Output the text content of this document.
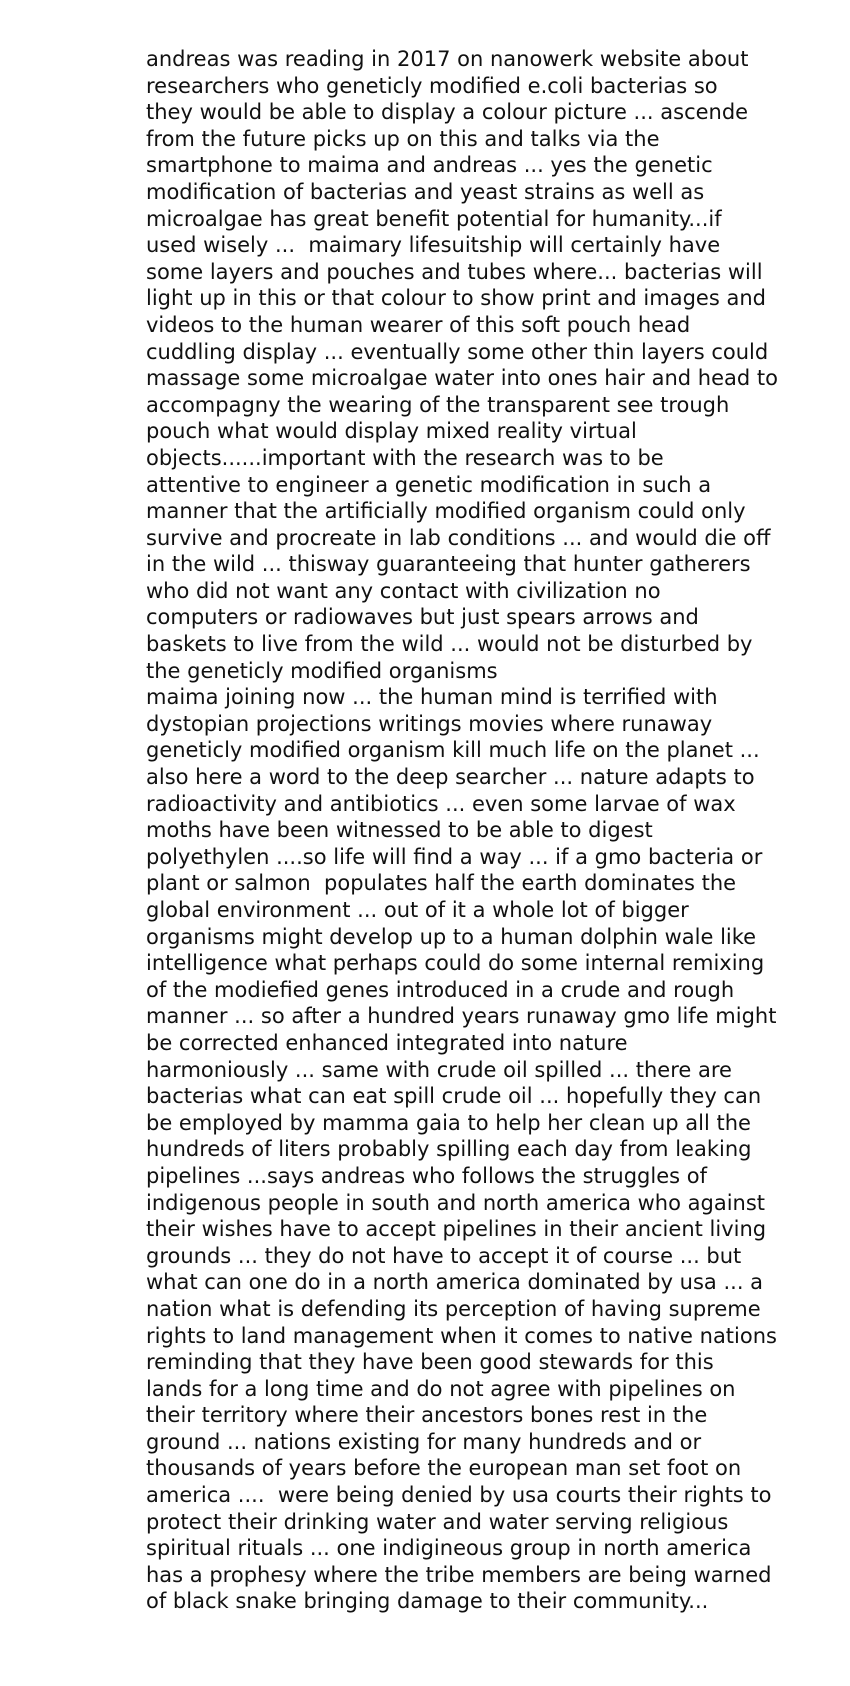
andreas was reading in 2017 on nanowerk website about
researchers who geneticly modified e.coli bacterias so
they would be able to display a colour picture ... ascende
from the future picks up on this and talks via the
smartphone to maima and andreas ... yes the genetic
modification of bacterias and yeast strains as well as
microalgae has great benefit potential for humanity...if
used wisely ...  maimary lifesuitship will certainly have
some layers and pouches and tubes where... bacterias will
light up in this or that colour to show print and images and
videos to the human wearer of this soft pouch head
cuddling display ... eventually some other thin layers could
massage some microalgae water into ones hair and head to
accompagny the wearing of the transparent see trough
pouch what would display mixed reality virtual
objects......important with the research was to be
attentive to engineer a genetic modification in such a
manner that the artificially modified organism could only
survive and procreate in lab conditions ... and would die off
in the wild ... thisway guaranteeing that hunter gatherers
who did not want any contact with civilization no
computers or radiowaves but just spears arrows and
baskets to live from the wild ... would not be disturbed by
the geneticly modified organisms
maima joining now ... the human mind is terrified with
dystopian projections writings movies where runaway
geneticly modified organism kill much life on the planet ...
also here a word to the deep searcher ... nature adapts to
radioactivity and antibiotics ... even some larvae of wax
moths have been witnessed to be able to digest
polyethylen ....so life will find a way ... if a gmo bacteria or
plant or salmon  populates half the earth dominates the
global environment ... out of it a whole lot of bigger
organisms might develop up to a human dolphin wale like
intelligence what perhaps could do some internal remixing
of the modiefied genes introduced in a crude and rough
manner ... so after a hundred years runaway gmo life might
be corrected enhanced integrated into nature
harmoniously ... same with crude oil spilled ... there are
bacterias what can eat spill crude oil ... hopefully they can
be employed by mamma gaia to help her clean up all the
hundreds of liters probably spilling each day from leaking
pipelines ...says andreas who follows the struggles of
indigenous people in south and north america who against
their wishes have to accept pipelines in their ancient living
grounds ... they do not have to accept it of course ... but
what can one do in a north america dominated by usa ... a
nation what is defending its perception of having supreme
rights to land management when it comes to native nations
reminding that they have been good stewards for this
lands for a long time and do not agree with pipelines on
their territory where their ancestors bones rest in the
ground ... nations existing for many hundreds and or
thousands of years before the european man set foot on
america ....  were being denied by usa courts their rights to
protect their drinking water and water serving religious
spiritual rituals ... one indigineous group in north america
has a prophesy where the tribe members are being warned
of black snake bringing damage to their community...
